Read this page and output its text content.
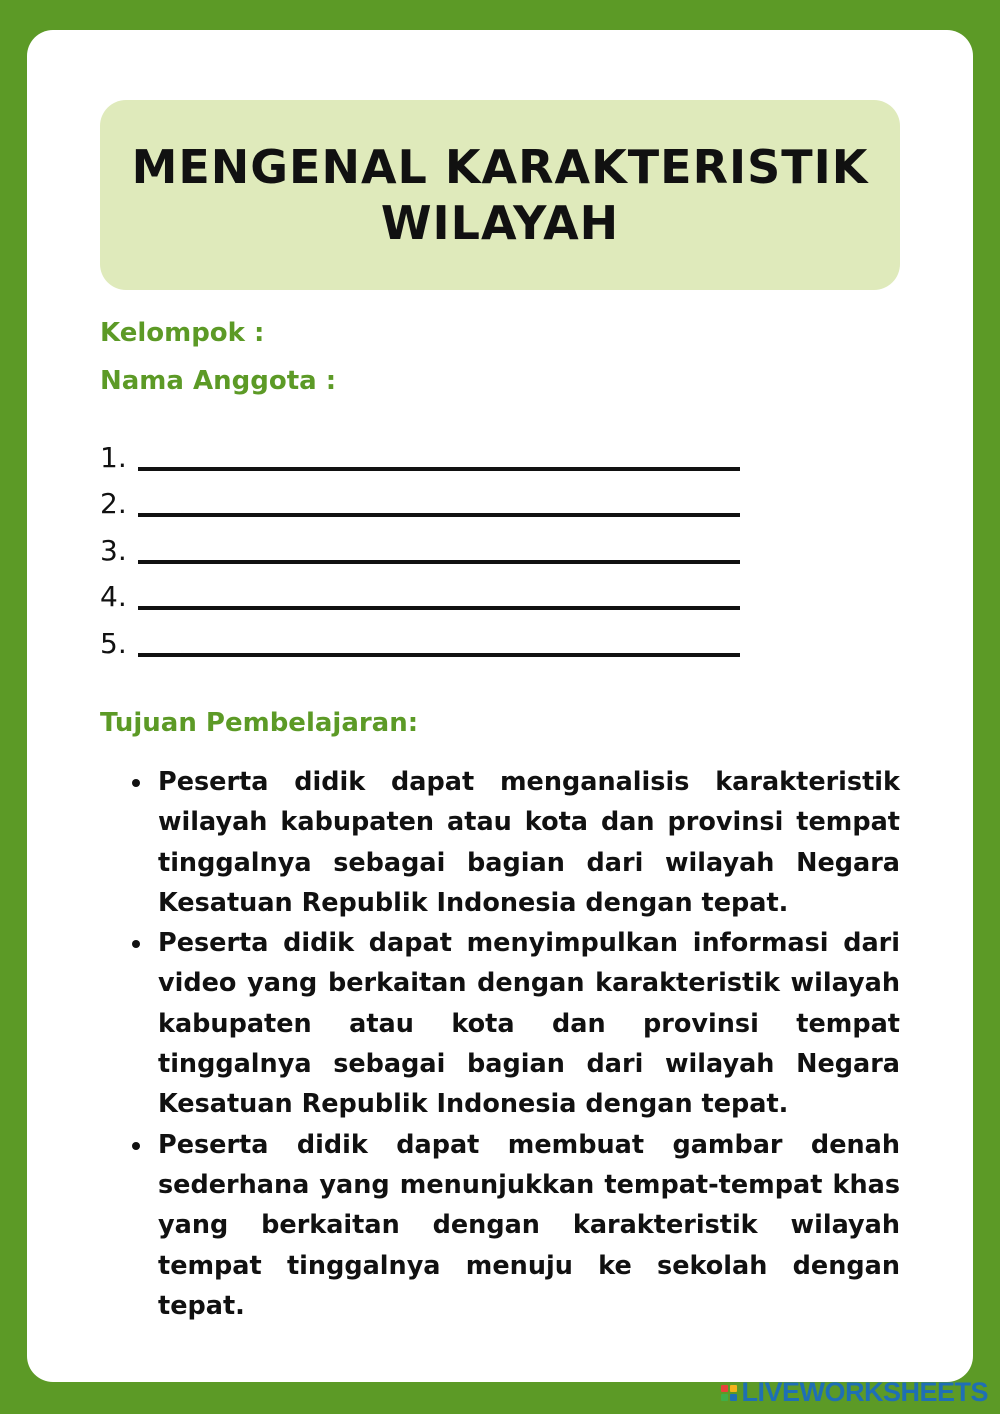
MENGENAL KARAKTERISTIK
WILAYAH
Kelompok :
Nama Anggota :
1.
2.
3.
4.
5.
Tujuan Pembelajaran:
Peserta didik dapat menganalisis karakteristik wilayah kabupaten atau kota dan provinsi tempat tinggalnya sebagai bagian dari wilayah Negara Kesatuan Republik Indonesia dengan tepat.
Peserta didik dapat menyimpulkan informasi dari video yang berkaitan dengan karakteristik wilayah kabupaten atau kota dan provinsi tempat tinggalnya sebagai bagian dari wilayah Negara Kesatuan Republik Indonesia dengan tepat.
Peserta didik dapat membuat gambar denah sederhana yang menunjukkan tempat-tempat khas yang berkaitan dengan karakteristik wilayah tempat tinggalnya menuju ke sekolah dengan tepat.
LIVEWORKSHEETS
